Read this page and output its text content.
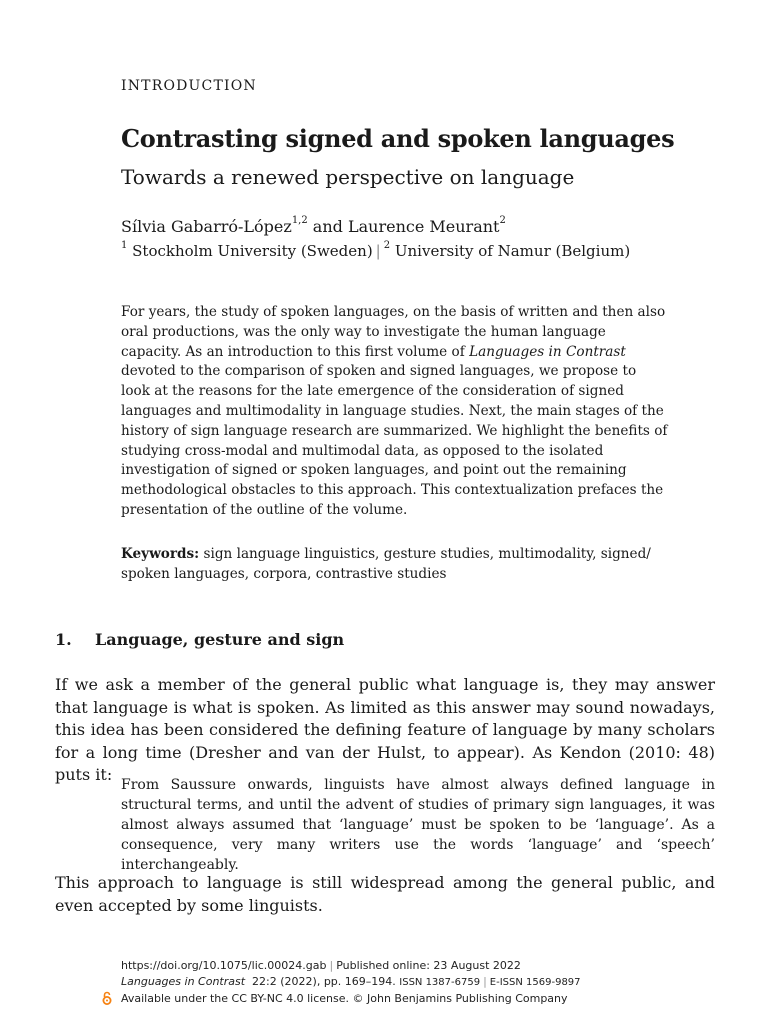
INTRODUCTION
Contrasting signed and spoken languages
Towards a renewed perspective on language
Sílvia Gabarró-López$^{1,2}$ and Laurence Meurant$^2$
$^1$ Stockholm University (Sweden) | $^2$ University of Namur (Belgium)
For years, the study of spoken languages, on the basis of written and then also oral productions, was the only way to investigate the human language capacity. As an introduction to this first volume of Languages in Contrast devoted to the comparison of spoken and signed languages, we propose to look at the reasons for the late emergence of the consideration of signed languages and multimodality in language studies. Next, the main stages of the history of sign language research are summarized. We highlight the benefits of studying cross-modal and multimodal data, as opposed to the isolated investigation of signed or spoken languages, and point out the remaining methodological obstacles to this approach. This contextualization prefaces the presentation of the outline of the volume.
Keywords: sign language linguistics, gesture studies, multimodality, signed/ spoken languages, corpora, contrastive studies
1. Language, gesture and sign
If we ask a member of the general public what language is, they may answer that language is what is spoken. As limited as this answer may sound nowadays, this idea has been considered the defining feature of language by many scholars for a long time (Dresher and van der Hulst, to appear). As Kendon (2010: 48) puts it:
From Saussure onwards, linguists have almost always defined language in structural terms, and until the advent of studies of primary sign languages, it was almost always assumed that ‘language’ must be spoken to be ‘language’. As a consequence, very many writers use the words ‘language’ and ‘speech’ interchangeably.
This approach to language is still widespread among the general public, and even accepted by some linguists.
https://doi.org/10.1075/lic.00024.gab | Published online: 23 August 2022
Languages in Contrast 22:2 (2022), pp. 169–194. ISSN 1387-6759 | E‑ISSN 1569-9897
Available under the CC BY-NC 4.0 license. © John Benjamins Publishing Company
